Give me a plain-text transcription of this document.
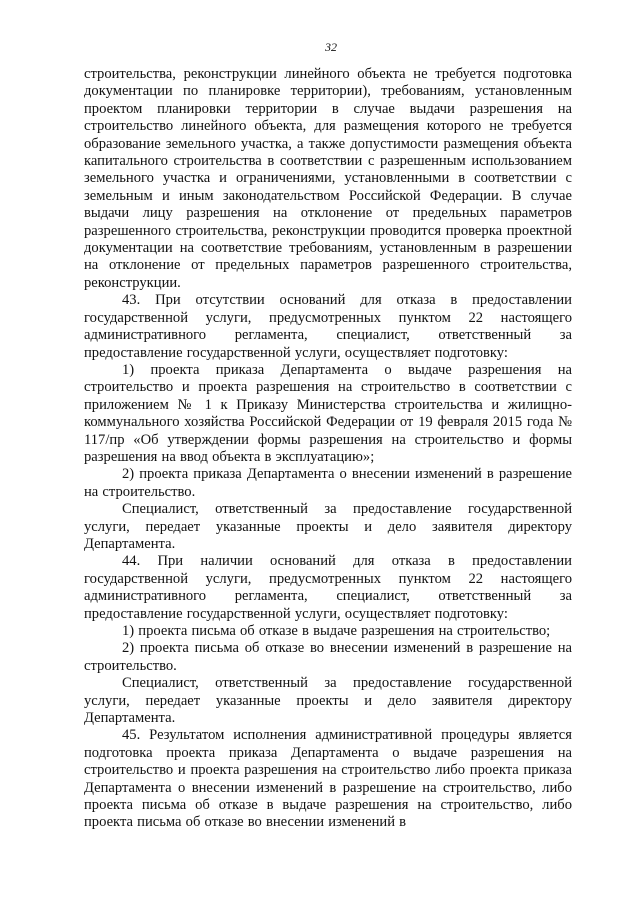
32

строительства, реконструкции линейного объекта не требуется подготовка документации по планировке территории), требованиям, установленным проектом планировки территории в случае выдачи разрешения на строительство линейного объекта, для размещения которого не требуется образование земельного участка, а также допустимости размещения объекта капитального строительства в соответствии с разрешенным использованием земельного участка и ограничениями, установленными в соответствии с земельным и иным законодательством Российской Федерации. В случае выдачи лицу разрешения на отклонение от предельных параметров разрешенного строительства, реконструкции проводится проверка проектной документации на соответствие требованиям, установленным в разрешении на отклонение от предельных параметров разрешенного строительства, реконструкции.

43. При отсутствии оснований для отказа в предоставлении государственной услуги, предусмотренных пунктом 22 настоящего административного регламента, специалист, ответственный за предоставление государственной услуги, осуществляет подготовку:

1) проекта приказа Департамента о выдаче разрешения на строительство и проекта разрешения на строительство в соответствии с приложением № 1 к Приказу Министерства строительства и жилищно-коммунального хозяйства Российской Федерации от 19 февраля 2015 года № 117/пр «Об утверждении формы разрешения на строительство и формы разрешения на ввод объекта в эксплуатацию»;

2) проекта приказа Департамента о внесении изменений в разрешение на строительство.

Специалист, ответственный за предоставление государственной услуги, передает указанные проекты и дело заявителя директору Департамента.

44. При наличии оснований для отказа в предоставлении государственной услуги, предусмотренных пунктом 22 настоящего административного регламента, специалист, ответственный за предоставление государственной услуги, осуществляет подготовку:

1) проекта письма об отказе в выдаче разрешения на строительство;

2) проекта письма об отказе во внесении изменений в разрешение на строительство.

Специалист, ответственный за предоставление государственной услуги, передает указанные проекты и дело заявителя директору Департамента.

45. Результатом исполнения административной процедуры является подготовка проекта приказа Департамента о выдаче разрешения на строительство и проекта разрешения на строительство либо проекта приказа Департамента о внесении изменений в разрешение на строительство, либо проекта письма об отказе в выдаче разрешения на строительство, либо проекта письма об отказе во внесении изменений в
